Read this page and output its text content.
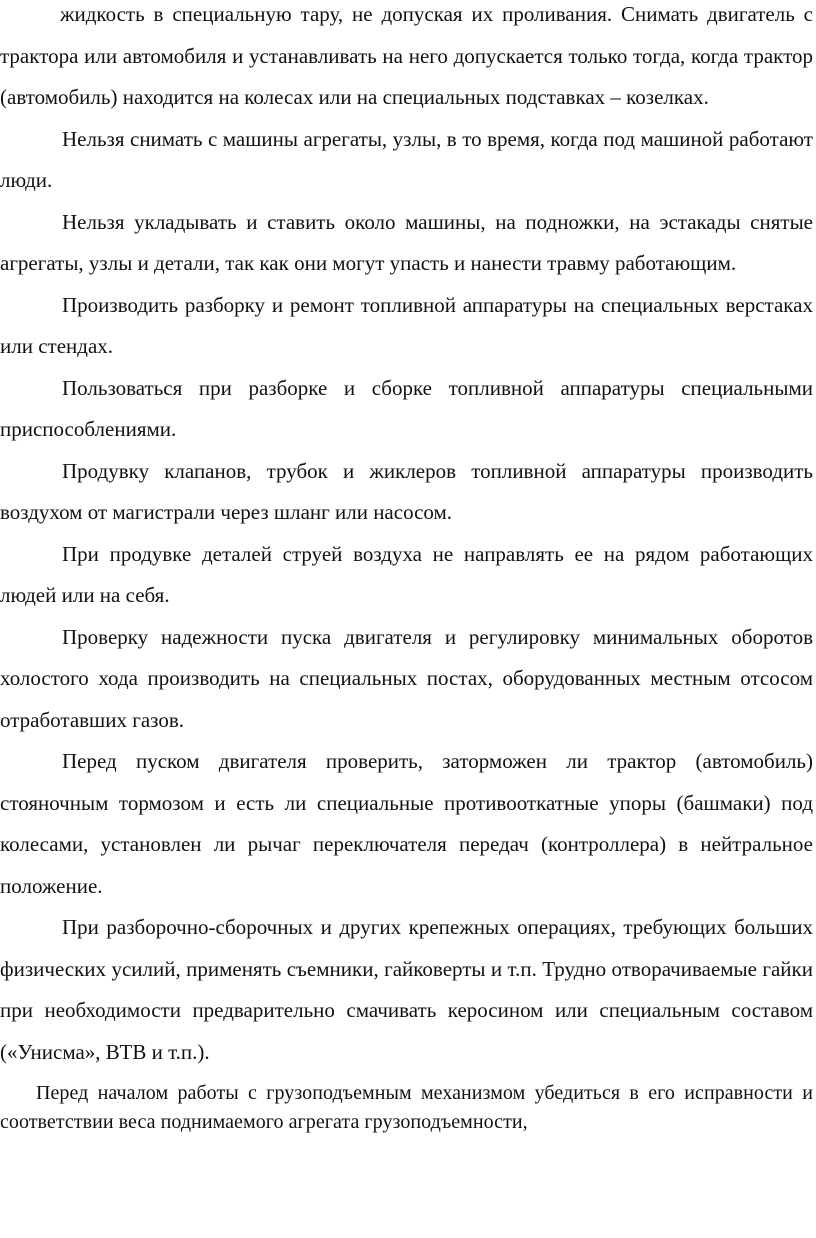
жидкость в специальную тару, не допуская их проливания. Снимать двигатель с трактора или автомобиля и устанавливать на него допускается только тогда, когда трактор (автомобиль) находится на колесах или на специальных подставках – козелках.

Нельзя снимать с машины агрегаты, узлы, в то время, когда под машиной работают люди.

Нельзя укладывать и ставить около машины, на подножки, на эстакады снятые агрегаты, узлы и детали, так как они могут упасть и нанести травму работающим.

Производить разборку и ремонт топливной аппаратуры на специальных верстаках или стендах.

Пользоваться при разборке и сборке топливной аппаратуры специальными приспособлениями.

Продувку клапанов, трубок и жиклеров топливной аппаратуры производить воздухом от магистрали через шланг или насосом.

При продувке деталей струей воздуха не направлять ее на рядом работающих людей или на себя.

Проверку надежности пуска двигателя и регулировку минимальных оборотов холостого хода производить на специальных постах, оборудованных местным отсосом отработавших газов.

Перед пуском двигателя проверить, заторможен ли трактор (автомобиль) стояночным тормозом и есть ли специальные противооткатные упоры (башмаки) под колесами, установлен ли рычаг переключателя передач (контроллера) в нейтральное положение.

При разборочно-сборочных и других крепежных операциях, требующих больших физических усилий, применять съемники, гайковерты и т.п. Трудно отворачиваемые гайки при необходимости предварительно смачивать керосином или специальным составом («Унисма», ВТВ и т.п.).

Перед началом работы с грузоподъемным механизмом убедиться в его исправности и соответствии веса поднимаемого агрегата грузоподъемности,
